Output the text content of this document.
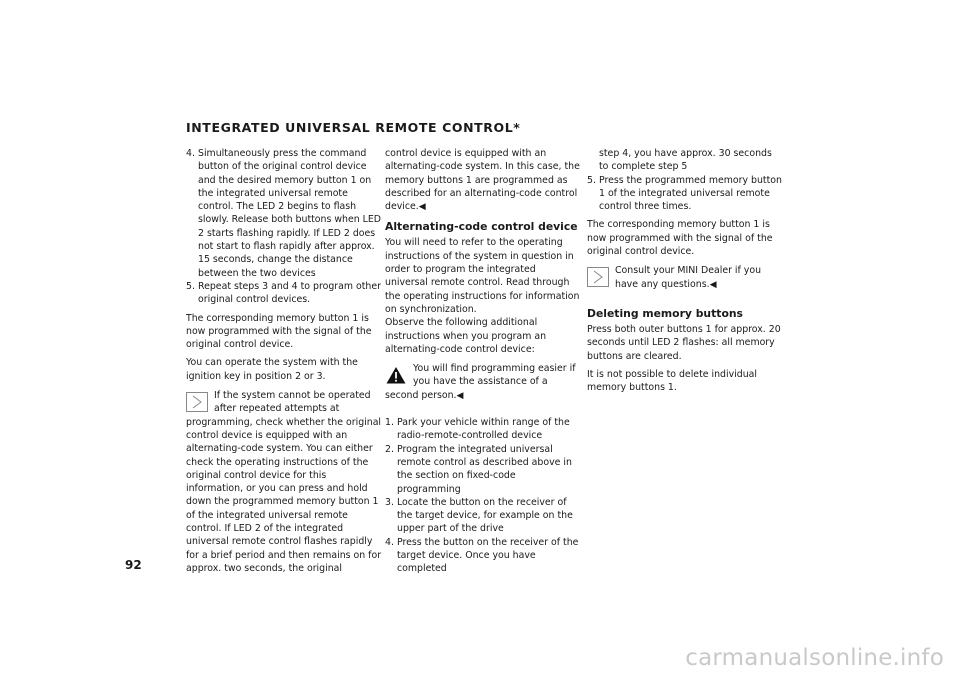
INTEGRATED UNIVERSAL REMOTE CONTROL*
4. Simultaneously press the command button of the original control device and the desired memory button 1 on the integrated universal remote control. The LED 2 begins to flash slowly. Release both buttons when LED 2 starts flashing rapidly. If LED 2 does not start to flash rapidly after approx. 15 seconds, change the distance between the two devices
5. Repeat steps 3 and 4 to program other original control devices.

The corresponding memory button 1 is now programmed with the signal of the original control device.

You can operate the system with the ignition key in position 2 or 3.

If the system cannot be operated after repeated attempts at programming, check whether the original control device is equipped with an alternating-code system. You can either check the operating instructions of the original control device for this information, or you can press and hold down the programmed memory button 1 of the integrated universal remote control. If LED 2 of the integrated universal remote control flashes rapidly for a brief period and then remains on for approx. two seconds, the original

control device is equipped with an alternating-code system. In this case, the memory buttons 1 are programmed as described for an alternating-code control device.◀

Alternating-code control device

You will need to refer to the operating instructions of the system in question in order to program the integrated universal remote control. Read through the operating instructions for information on synchronization.

Observe the following additional instructions when you program an alternating-code control device:

You will find programming easier if you have the assistance of a second person.◀
1. Park your vehicle within range of the radio-remote-controlled device
2. Program the integrated universal remote control as described above in the section on fixed-code programming
3. Locate the button on the receiver of the target device, for example on the upper part of the drive
4. Press the button on the receiver of the target device. Once you have completed

step 4, you have approx. 30 seconds to complete step 5

5. Press the programmed memory button 1 of the integrated universal remote control three times.

The corresponding memory button 1 is now programmed with the signal of the original control device.

Consult your MINI Dealer if you have any questions.◀
Deleting memory buttons

Press both outer buttons 1 for approx. 20 seconds until LED 2 flashes: all memory buttons are cleared.

It is not possible to delete individual memory buttons 1.

92
carmanualsonline.info
